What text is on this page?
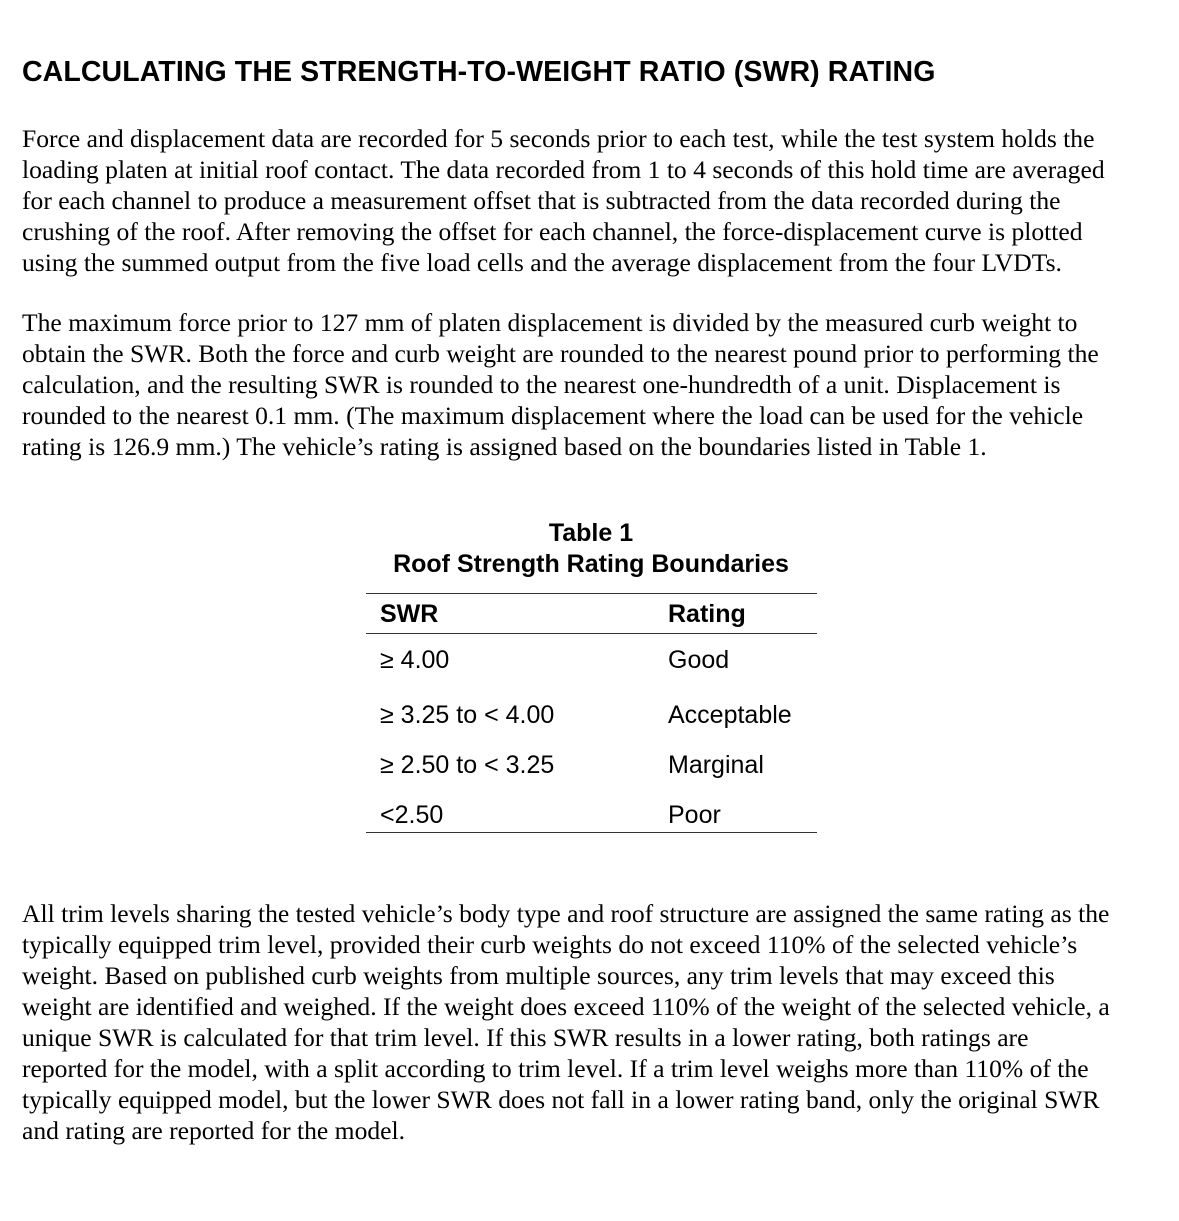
CALCULATING THE STRENGTH-TO-WEIGHT RATIO (SWR) RATING

Force and displacement data are recorded for 5 seconds prior to each test, while the test system holds the
loading platen at initial roof contact. The data recorded from 1 to 4 seconds of this hold time are averaged
for each channel to produce a measurement offset that is subtracted from the data recorded during the
crushing of the roof. After removing the offset for each channel, the force-displacement curve is plotted
using the summed output from the five load cells and the average displacement from the four LVDTs.

The maximum force prior to 127 mm of platen displacement is divided by the measured curb weight to
obtain the SWR. Both the force and curb weight are rounded to the nearest pound prior to performing the
calculation, and the resulting SWR is rounded to the nearest one-hundredth of a unit. Displacement is
rounded to the nearest 0.1 mm. (The maximum displacement where the load can be used for the vehicle
rating is 126.9 mm.) The vehicle’s rating is assigned based on the boundaries listed in Table 1.

Table 1
Roof Strength Rating Boundaries
SWR	Rating
≥ 4.00	Good
≥ 3.25 to < 4.00	Acceptable
≥ 2.50 to < 3.25	Marginal
<2.50	Poor

All trim levels sharing the tested vehicle’s body type and roof structure are assigned the same rating as the
typically equipped trim level, provided their curb weights do not exceed 110% of the selected vehicle’s
weight. Based on published curb weights from multiple sources, any trim levels that may exceed this
weight are identified and weighed. If the weight does exceed 110% of the weight of the selected vehicle, a
unique SWR is calculated for that trim level. If this SWR results in a lower rating, both ratings are
reported for the model, with a split according to trim level. If a trim level weighs more than 110% of the
typically equipped model, but the lower SWR does not fall in a lower rating band, only the original SWR
and rating are reported for the model.
